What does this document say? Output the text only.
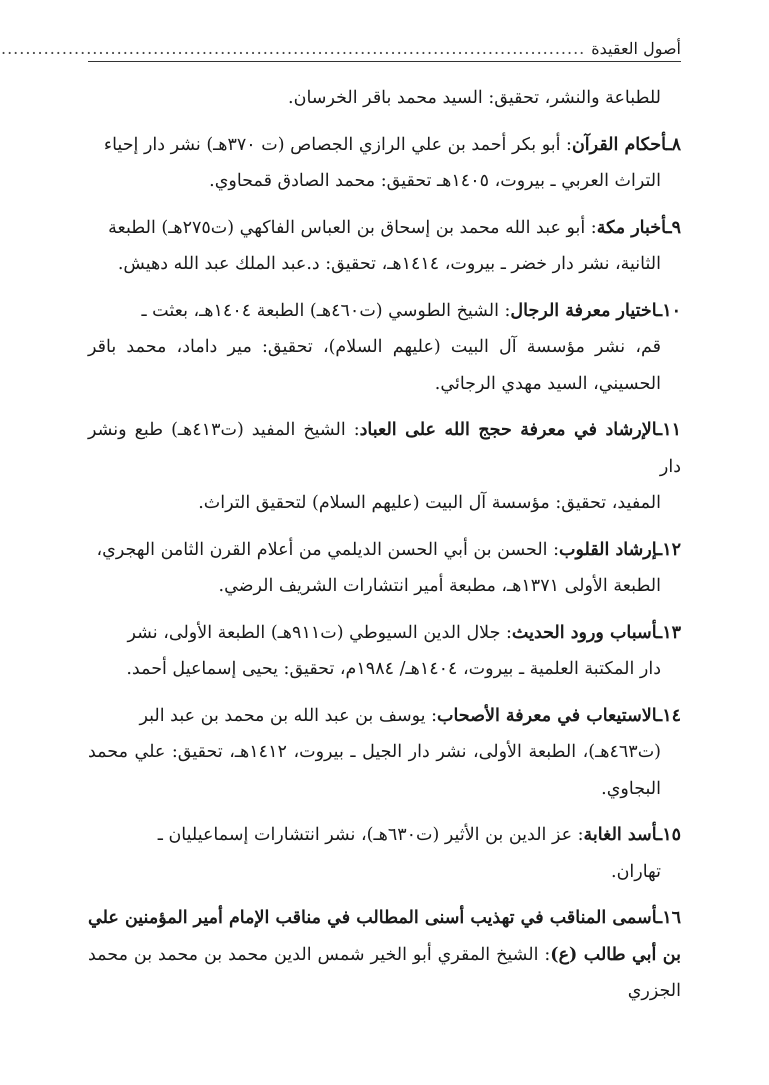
أصول العقيدة
................................................................................................

للطباعة والنشر، تحقيق: السيد محمد باقر الخرسان.

٨ـأحكام القرآن: أبو بكر أحمد بن علي الرازي الجصاص (ت ٣٧٠هـ) نشر دار إحياء
التراث العربي ـ بيروت، ١٤٠٥هـ تحقيق: محمد الصادق قمحاوي.
٩ـأخبار مكة: أبو عبد الله محمد بن إسحاق بن العباس الفاكهي (ت٢٧٥هـ) الطبعة
الثانية، نشر دار خضر ـ بيروت، ١٤١٤هـ، تحقيق: د.عبد الملك عبد الله دهيش.
١٠ـاختيار معرفة الرجال: الشيخ الطوسي (ت٤٦٠هـ) الطبعة ١٤٠٤هـ، بعثت ـ
قم، نشر مؤسسة آل البيت (عليهم السلام)، تحقيق: مير داماد، محمد باقر الحسيني، السيد مهدي الرجائي.
١١ـالإرشاد في معرفة حجج الله على العباد: الشيخ المفيد (ت٤١٣هـ) طبع ونشر دار
المفيد، تحقيق: مؤسسة آل البيت (عليهم السلام) لتحقيق التراث.
١٢ـإرشاد القلوب: الحسن بن أبي الحسن الديلمي من أعلام القرن الثامن الهجري،
الطبعة الأولى ١٣٧١هـ، مطبعة أمير انتشارات الشريف الرضي.
١٣ـأسباب ورود الحديث: جلال الدين السيوطي (ت٩١١هـ) الطبعة الأولى، نشر
دار المكتبة العلمية ـ بيروت، ١٤٠٤هـ/ ١٩٨٤م، تحقيق: يحيى إسماعيل أحمد.
١٤ـالاستيعاب في معرفة الأصحاب: يوسف بن عبد الله بن محمد بن عبد البر
(ت٤٦٣هـ)، الطبعة الأولى، نشر دار الجيل ـ بيروت، ١٤١٢هـ، تحقيق: علي محمد البجاوي.
١٥ـأسد الغابة: عز الدين بن الأثير (ت٦٣٠هـ)، نشر انتشارات إسماعيليان ـ
تهاران.
١٦ـأسمى المناقب في تهذيب أسنى المطالب في مناقب الإمام أمير المؤمنين علي بن أبي طالب (ع): الشيخ المقري أبو الخير شمس الدين محمد بن محمد بن محمد الجزري
